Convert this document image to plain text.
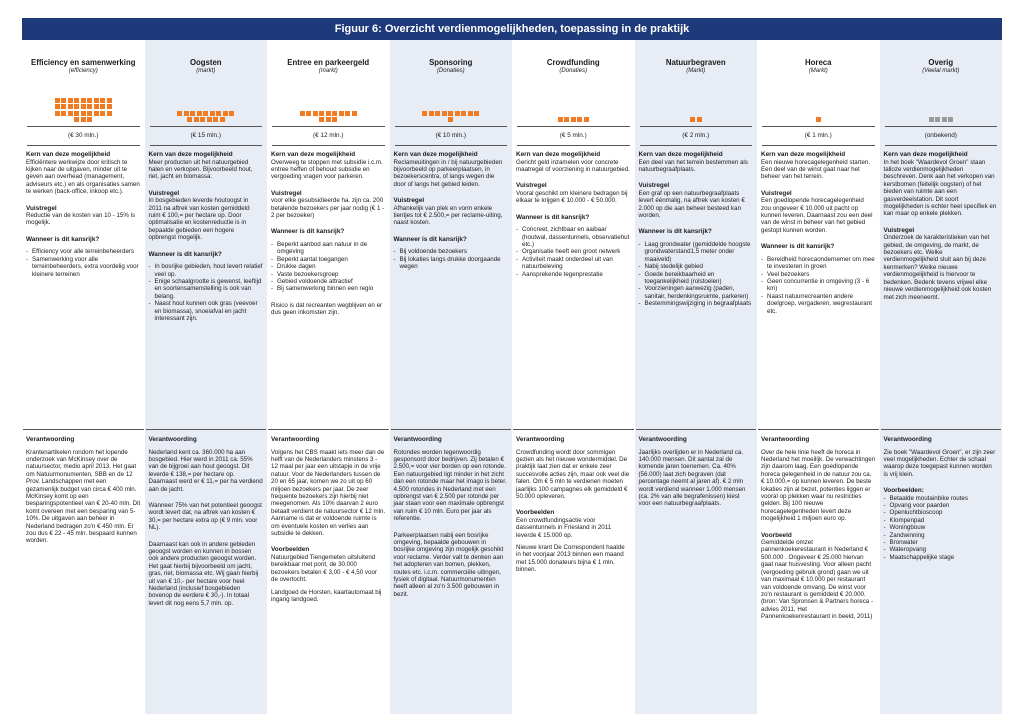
Figuur 6: Overzicht verdienmogelijkheden, toepassing in de praktijk
Efficiency en samenwerking
(efficiency)
(€ 30 mln.)
Kern van deze mogelijkheid
Efficiëntere werkwijze door kritisch te kijken naar de uitgaven, minder uit te geven aan overhead (management, adviseurs etc.) en als organisaties samen te werken (back-office, inkoop etc.).
Vuistregel
Reductie van de kosten van 10 - 15% is mogelijk.
Wanneer is dit kansrijk?
- Efficiency voor alle terreinbeheerders
- Samenwerking voor alle terreinbeheerders, extra voordelig voor kleinere terreinen
Verantwoording
Krantenartikelen rondom het lopende onderzoek van McKinsey over de natuursector, medio april 2013. Het gaat om Natuurmonumenten, SBB en de 12 Prov. Landschappen met een gezamenlijk budget van circa € 400 mln. McKinsey komt op een besparingspotentieel van € 20-40 mln. Dit komt overeen met een besparing van 5-10%. De uitgaven aan beheer in Nederland bedragen zo'n € 450 mln. Er zou dus € 22 - 45 mln. bespaard kunnen worden.
Oogsten
(markt)
(€ 15 mln.)
Kern van deze mogelijkheid
Meer producten uit het natuurgebied halen en verkopen. Bijvoorbeeld hout, riet, jacht en biomassa.
Vuistregel
In bosgebieden leverde houtoogst in 2011 na aftrek van kosten gemiddeld ruim € 100,= per hectare op. Door optimalisatie en kostenreductie is in bepaalde gebieden een hogere opbrengst mogelijk.
Wanneer is dit kansrijk?
- In bosrijke gebieden, hout levert relatief veel op.
- Enige schaalgrootte is gewenst, leeftijd en soortensamenstelling is ook van belang.
- Naast hout kunnen ook gras (veevoer en biomassa), snoeiafval en jacht interessant zijn.
Verantwoording
Nederland kent ca. 360.000 ha aan bosgebied. Hier werd in 2011 ca. 55% van de bijgroei aan hout geoogst. Dit leverde € 138,= per hectare op. Daarnaast werd er € 11,= per ha verdiend aan de jacht.
Wanneer 75% van het potentieel geoogst wordt levert dat, na aftrek van kosten € 30,= per hectare extra op (€ 9 mln. voor NL).
Daarnaast kan ook in andere gebieden geoogst worden en kunnen in bossen ook andere producten geoogst worden. Het gaat hierbij bijvoorbeeld om jacht, gras, riet, biomassa etc. Wij gaan hierbij uit van € 10,- per hectare voor heel Nederland (inclusief bosgebieden bovenop de eerdere € 30,-). In totaal levert dit nog eens 5,7 mln. op.
Entree en parkeergeld
(markt)
(€ 12 mln.)
Kern van deze mogelijkheid
Overweeg te stoppen met subsidie i.c.m. entree heffen of behoud subsidie en vergoeding vragen voor parkeren.
Vuistregel
voor elke gesubsidieerde ha. zijn ca. 200 betalende bezoekers per jaar nodig (€ 1 - 2 per bezoeker)
Wanneer is dit kansrijk?
- Beperkt aanbod aan natuur in de omgeving
- Beperkt aantal toegangen
- Drukke dagen
- Vaste bezoekersgroep
- Gebied voldoende attractief
- Bij samenwerking binnen een regio
Risico is dat recreanten wegblijven en er dus geen inkomsten zijn.
Verantwoording
Volgens het CBS maakt iets meer dan de helft van de Nederlanders minstens 3 - 12 maal per jaar een uitstapje in de vrije natuur. Voor de Nederlanders tussen de 20 en 65 jaar, komen we zo uit op 60 miljoen bezoekers per jaar. De zeer frequente bezoekers zijn hierbij niet meegenomen. Als 10% daarvan 2 euro betaalt verdient de natuursector € 12 mln. Aanname is dat er voldoende ruimte is om eventuele kosten en verlies aan subsidie te dekken.
Voorbeelden
Natuurgebied Tiengemeten uitsluitend bereikbaar met pont, de 30.000 bezoekers betalen € 3,00 - € 4,50 voor de overtocht.
Landgoed de Horsten, kaartautomaat bij ingang landgoed.
Sponsoring
(Donaties)
(€ 10 mln.)
Kern van deze mogelijkheid
Reclameuitingen in / bij natuurgebieden bijvoorbeeld op parkeerplaatsen, in bezoekerscentra, of langs wegen die door of langs het gebied leiden.
Vuistregel
Afhankelijk van plek en vorm enkele tientjes tot € 2.500,= per reclame-uiting, naast kosten.
Wanneer is dit kansrijk?
- Bij voldoende bezoekers
- Bij lokaties langs drukke doorgaande wegen
Verantwoording
Rotondes worden tegenwoordig gesponsord door bedrijven. Zij betalen € 2.500,= voor vier borden op een rotonde. Een natuurgebied ligt minder in het zicht dan een rotonde maar het imago is beter. 4.500 rotondes in Nederland met een opbrengst van € 2.500 per rotonde per jaar staan voor een maximale opbrengst van ruim € 10 mln. Euro per jaar als referentie.
Parkeerplaatsen nabij een bosrijke omgeving, bepaalde gebouwen in bosrijke omgeving zijn mogelijk geschikt voor reclame. Verder valt te denken aan het adopteren van bomen, plekken, routes etc. i.c.m. commerciële uitingen, fysiek of digitaal. Natuurmonumenten heeft alleen al zo'n 3.500 gebouwen in bezit.
Crowdfunding
(Donaties)
(€ 5 mln.)
Kern van deze mogelijkheid
Gericht geld inzamelen voor concrete maatregel of voorziening in natuurgebied.
Vuistregel
Vooral geschikt om kleinere bedragen bij elkaar te krijgen € 10.000 - € 50.000.
Wanneer is dit kansrijk?
- Concreet, zichtbaar en aaibaar (houtwal, dassentunnels, observatiehut etc.)
- Organisatie heeft een groot netwerk
- Activiteit maakt onderdeel uit van natuurbeleving
- Aansprekende tegenprestatie
Verantwoording
Crowdfunding wordt door sommigen gezien als het nieuwe wondermiddel. De praktijk laat zien dat er enkele zeer succesvolle acties zijn, maar ook veel die falen. Om € 5 mln te verdienen moeten jaarlijks 100 campagnes elk gemiddeld € 50.000 opleveren.
Voorbeelden
Een crowdfundingsactie voor dassentunnels in Friesland in 2011 leverde € 15.000 op.
Nieuwe krant De Correspondent haalde in het voorjaar 2013 binnen een maand met 15.000 donateurs bijna € 1 mln. binnen.
Natuurbegraven
(Markt)
(€ 2 mln.)
Kern van deze mogelijkheid
Een deel van het terrein bestemmen als natuurbegraafplaats.
Vuistregel
Een graf op een natuurbegraafplaats levert éénmalig, na aftrek van kosten € 2.000 op die aan beheer besteed kan worden.
Wanneer is dit kansrijk?
- Laag grondwater (gemiddelde hoogste grondwaterstand1,5 meter onder maaiveld)
- Nabij stedelijk gebied
- Goede bereikbaarheid en toegankelijkheid (rolstoelen)
- Voorzieningen aanwezig (paden, sanitair, herdenkingsruimte, parkeren)
- Bestemmingswijziging in begraafplaats
Verantwoording
Jaarlijks overlijden er in Nederland ca. 140.000 mensen. Dit aantal zal de komende jaren toenemen. Ca. 40% (56.000) laat zich begraven (dat percentage neemt al jaren af). € 2 mln wordt verdiend wanneer 1.000 mensen (ca. 2% van alle begrafenissen) kiest voor een natuurbegraafplaats.
Horeca
(Markt)
(€ 1 mln.)
Kern van deze mogelijkheid
Een nieuwe horecagelegenheid starten. Een deel van de winst gaat naar het beheer van het terrein.
Vuistregel
Een goedlopende horecagelegenheid zou ongeveer € 10.000 uit pacht op kunnen leveren. Daarnaast zou een deel van de winst in beheer van het gebied gestopt kunnen worden.
Wanneer is dit kansrijk?
- Bereidheid horecaondernemer om mee te investeren in groen
- Veel bezoekers
- Geen concurrentie in omgeving (3 - 6 km)
- Naast natuurrecreanten andere doelgroep, vergaderen, wegrestaurant etc.
Verantwoording
Over de hele linie heeft de horeca in Nederland het moeilijk. De verwachtingen zijn daarom laag. Een goedlopende horeca gelegenheid in de natuur zou ca. € 10.000,= op kunnen leveren. De beste lokaties zijn al bezet, potenties liggen er vooral op plekken waar nu restricties gelden. Bij 100 nieuwe horecagelegenheden levert deze mogelijkheid 1 miljoen euro op.
Voorbeeld
Gemiddelde omzet pannenkoekerestaurant in Nederland € 500.000 . Ongeveer € 25.000 hiervan gaat naar huisvesting. Voor alleen pacht (vergoeding gebruik grond) gaan we uit van maximaal € 10.000 per restaurant van voldoende omvang. De winst voor zo'n restaurant is gemiddeld € 20.000. (bron: Van Spronsen & Partners horeca - advies 2011, Het Pannenkoekenrestaurant in beeld, 2011)
Overig
(Veelal markt)
(onbekend)
Kern van deze mogelijkheid
In het boek "Waardevol Groen" staan talloze verdienmogelijkheden beschreven. Denk aan het verkopen van kerstbomen (feitelijk oogsten) of het bieden van ruimte aan een gasverdeelstation. Dit soort mogelijkheden is echter heel specifiek en kan maar op enkele plekken.
Vuistregel
Onderzoek de karakteristieken van het gebied, de omgeving, de markt, de bezoekers etc. Welke verdienmogelijkheid sluit aan bij deze kenmerken? Welke nieuwe verdienmogelijkheid is hiervoor te bedenken. Bedenk tevens vrijwel elke nieuwe verdienmogelijkheid ook kosten met zich meeneemt.
Verantwoording
Zie boek "Waardevol Groen", er zijn zeer veel mogelijkheden. Echter de schaal waarop deze toegepast kunnen worden is vrij klein.
Voorbeelden:
- Betaalde moutainbike routes
- Opvang voor paarden
- Openluchtbioscoop
- Klompenpad
- Woningbouw
- Zandwinning
- Bronwater
- Wateropvang
- Maatschappelijke stage
